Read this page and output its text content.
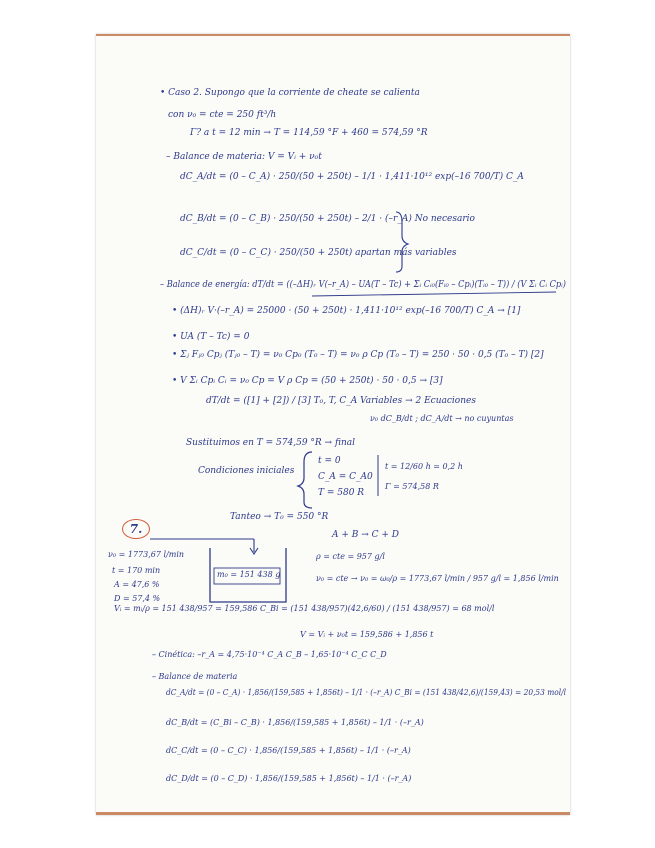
7.
m₀ = 151 438 g
• Caso 2. Supongo que la corriente de cheate se calienta
con ν₀ = cte = 250 ft³/h
Γ? a t = 12 min → T = 114,59 °F + 460 = 574,59 °R
– Balance de materia: V = Vᵢ + ν₀t
dC_A/dt = (0 – C_A) · 250/(50 + 250t) – 1/1 · 1,411·10¹² exp(–16 700/T) C_A
dC_B/dt = (0 – C_B) · 250/(50 + 250t) – 2/1 · (–r_A) No necesario
dC_C/dt = (0 – C_C) · 250/(50 + 250t) apartan más variables
– Balance de energía: dT/dt = ((–ΔH)ᵣ V(–r_A) – UA(T – Tc) + Σᵢ Cᵢ₀(Fᵢ₀ – Cpᵢ)(Tᵢ₀ – T)) / (V Σᵢ Cᵢ Cpᵢ)
• (ΔH)ᵣ V·(–r_A) = 25000 · (50 + 250t) · 1,411·10¹² exp(–16 700/T) C_A → [1]
• UA (T – Tc) = 0
• Σⱼ Fⱼ₀ Cpⱼ (Tⱼ₀ – T) = ν₀ Cp₀ (T₀ – T) = ν₀ ρ Cp (T₀ – T) = 250 · 50 · 0,5 (T₀ – T) [2]
• V Σᵢ Cpᵢ Cᵢ = ν₀ Cp = V ρ Cp = (50 + 250t) · 50 · 0,5 → [3]
dT/dt = ([1] + [2]) / [3] T₀, T, C_A Variables → 2 Ecuaciones
ν₀ dC_B/dt ; dC_A/dt → no cuyuntas
Sustituimos en T = 574,59 °R → final
Condiciones iniciales
t = 0
C_A = C_A0
T = 580 R
t = 12/60 h = 0,2 h
Γ = 574,58 R
Tanteo → T₀ = 550 °R
A + B → C + D
ν₀ = 1773,67 l/min
t = 170 min
A = 47,6 %
D = 57,4 %
ρ = cte = 957 g/l
ν₀ = cte → ν₀ = ω₀/ρ = 1773,67 l/min / 957 g/l = 1,856 l/min
Vᵢ = mᵢ/ρ = 151 438/957 = 159,586 C_Bi = (151 438/957)(42,6/60) / (151 438/957) = 68 mol/l
V = Vᵢ + ν₀t = 159,586 + 1,856 t
– Cinética: –r_A = 4,75·10⁻⁴ C_A C_B – 1,65·10⁻⁴ C_C C_D
– Balance de materia
dC_A/dt = (0 – C_A) · 1,856/(159,585 + 1,856t) – 1/1 · (–r_A) C_Bi = (151 438/42,6)/(159,43) = 20,53 mol/l
dC_B/dt = (C_Bi – C_B) · 1,856/(159,585 + 1,856t) – 1/1 · (–r_A)
dC_C/dt = (0 – C_C) · 1,856/(159,585 + 1,856t) – 1/1 · (–r_A)
dC_D/dt = (0 – C_D) · 1,856/(159,585 + 1,856t) – 1/1 · (–r_A)
